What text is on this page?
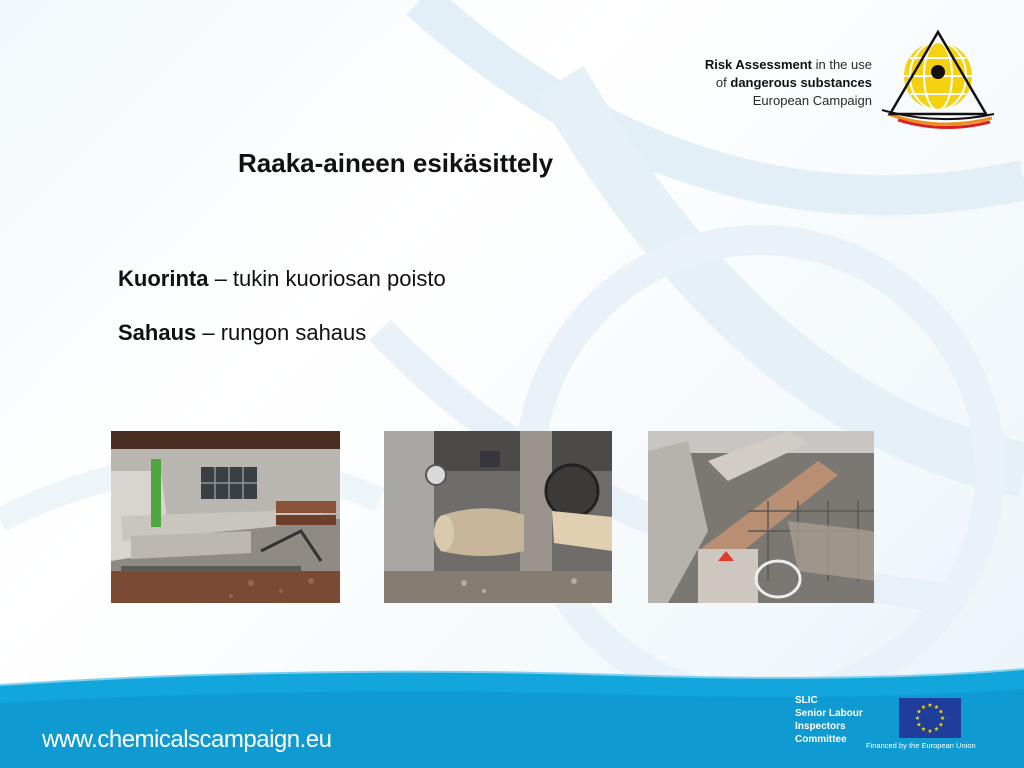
Risk Assessment in the use
of dangerous substances
European Campaign
Raaka-aineen esikäsittely
Kuorinta – tukin kuoriosan poisto
Sahaus – rungon sahaus
www.chemicalscampaign.eu
SLIC
Senior Labour
Inspectors
Committee
★ ★
★
★
★
★
★
★
★
★
★
★
Financed by the European Union
